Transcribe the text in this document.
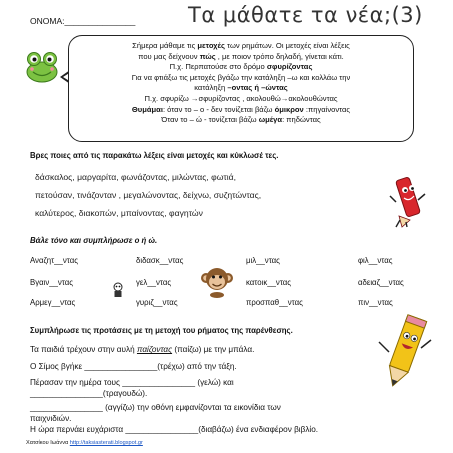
ΟΝΟΜΑ:_______________	Τα μάθατε τα νέα;(3)
Σήμερα μάθαμε τις μετοχές των ρημάτων. Οι μετοχές είναι λέξεις
που μας δείχνουν πώς , με ποιον τρόπο δηλαδή, γίνεται κάτι.
Π.χ. Περπατούσε στο δρόμο σφυρίζοντας
Για να φτιάξω τις μετοχές βγάζω την κατάληξη –ω και κολλάω την
κατάληξη –οντας ή –ώντας
Π.χ. σφυρίζω →σφυρίζοντας , ακολουθώ→ακολουθώντας
Θυμάμαι: όταν το – ο - δεν τονίζεται βάζω όμικρον :πηγαίνοντας
Όταν το – ώ - τονίζεται βάζω ωμέγα: πηδώντας
Βρες ποιες από τις παρακάτω λέξεις είναι μετοχές και κύκλωσέ τες.
δάσκαλος, μαργαρίτα, φωνάζοντας, μιλώντας, φωτιά,
πετούσαν, τινάζονταν , μεγαλώνοντας, δείχνω, συζητώντας,
καλύτερος, διακοπών, μπαίνοντας, φαγητών
Βάλε τόνο και συμπλήρωσε ο ή ώ.
Αναζητ__ντας	διδασκ__ντας	μιλ__ντας	φιλ__ντας
Βγαιν__ντας	γελ__ντας	κατοικ__ντας	αδειαζ__ντας
Αρμεγ__ντας	γυριζ__ντας	προσπαθ__ντας	πιν__ντας
Συμπλήρωσε τις προτάσεις με τη μετοχή του ρήματος της παρένθεσης.
Τα παιδιά τρέχουν στην αυλή παίζοντας (παίζω) με την μπάλα.
Ο Σίμος βγήκε ________________(τρέχω) από την τάξη.
Πέρασαν την ημέρα τους ________________ (γελώ) και
________________(τραγουδώ).
Χατσίκου Ιωάννα http://taksiasterati.blogspot.gr
________________ (αγγίζω) την οθόνη εμφανίζονται τα εικονίδια των
παιχνιδιών.
Η ώρα περνάει ευχάριστα ________________(διαβάζω) ένα ενδιαφέρον βιβλίο.
